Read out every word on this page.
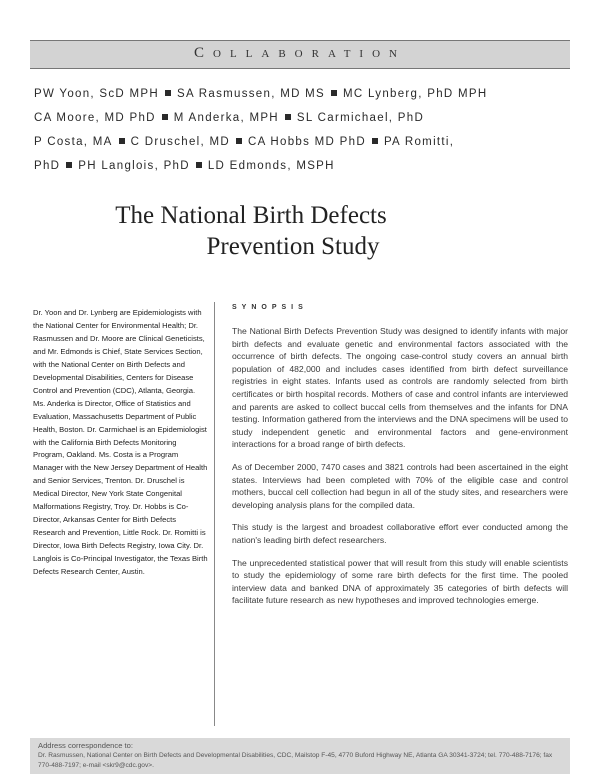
Collaboration
PW Yoon, ScD MPH SA Rasmussen, MD MS MC Lynberg, PhD MPH
CA Moore, MD PhD M Anderka, MPH SL Carmichael, PhD
P Costa, MA C Druschel, MD CA Hobbs MD PhD PA Romitti,
PhD PH Langlois, PhD LD Edmonds, MSPH
The National Birth Defects
Prevention Study
Dr. Yoon and Dr. Lynberg are Epidemiologists with the National Center for Environmental Health; Dr. Rasmussen and Dr. Moore are Clinical Geneticists, and Mr. Edmonds is Chief, State Services Section, with the National Center on Birth Defects and Developmental Disabilities, Centers for Disease Control and Prevention (CDC), Atlanta, Georgia. Ms. Anderka is Director, Office of Statistics and Evaluation, Massachusetts Department of Public Health, Boston. Dr. Carmichael is an Epidemiologist with the California Birth Defects Monitoring Program, Oakland. Ms. Costa is a Program Manager with the New Jersey Department of Health and Senior Services, Trenton. Dr. Druschel is Medical Director, New York State Congenital Malformations Registry, Troy. Dr. Hobbs is Co-Director, Arkansas Center for Birth Defects Research and Prevention, Little Rock. Dr. Romitti is Director, Iowa Birth Defects Registry, Iowa City. Dr. Langlois is Co-Principal Investigator, the Texas Birth Defects Research Center, Austin.
SYNOPSIS

The National Birth Defects Prevention Study was designed to identify infants with major birth defects and evaluate genetic and environmental factors associated with the occurrence of birth defects. The ongoing case-control study covers an annual birth population of 482,000 and includes cases identified from birth defect surveillance registries in eight states. Infants used as controls are randomly selected from birth certificates or birth hospital records. Mothers of case and control infants are interviewed and parents are asked to collect buccal cells from themselves and the infants for DNA testing. Information gathered from the interviews and the DNA specimens will be used to study independent genetic and environmental factors and gene-environment interactions for a broad range of birth defects.

As of December 2000, 7470 cases and 3821 controls had been ascertained in the eight states. Interviews had been completed with 70% of the eligible case and control mothers, buccal cell collection had begun in all of the study sites, and researchers were developing analysis plans for the compiled data.

This study is the largest and broadest collaborative effort ever conducted among the nation's leading birth defect researchers.

The unprecedented statistical power that will result from this study will enable scientists to study the epidemiology of some rare birth defects for the first time. The pooled interview data and banked DNA of approximately 35 categories of birth defects will facilitate future research as new hypotheses and improved technologies emerge.

Address correspondence to:
Dr. Rasmussen, National Center on Birth Defects and Developmental Disabilities, CDC, Mailstop F-45, 4770 Buford Highway NE, Atlanta GA 30341-3724; tel. 770-488-7176; fax 770-488-7197; e-mail <skr9@cdc.gov>.
